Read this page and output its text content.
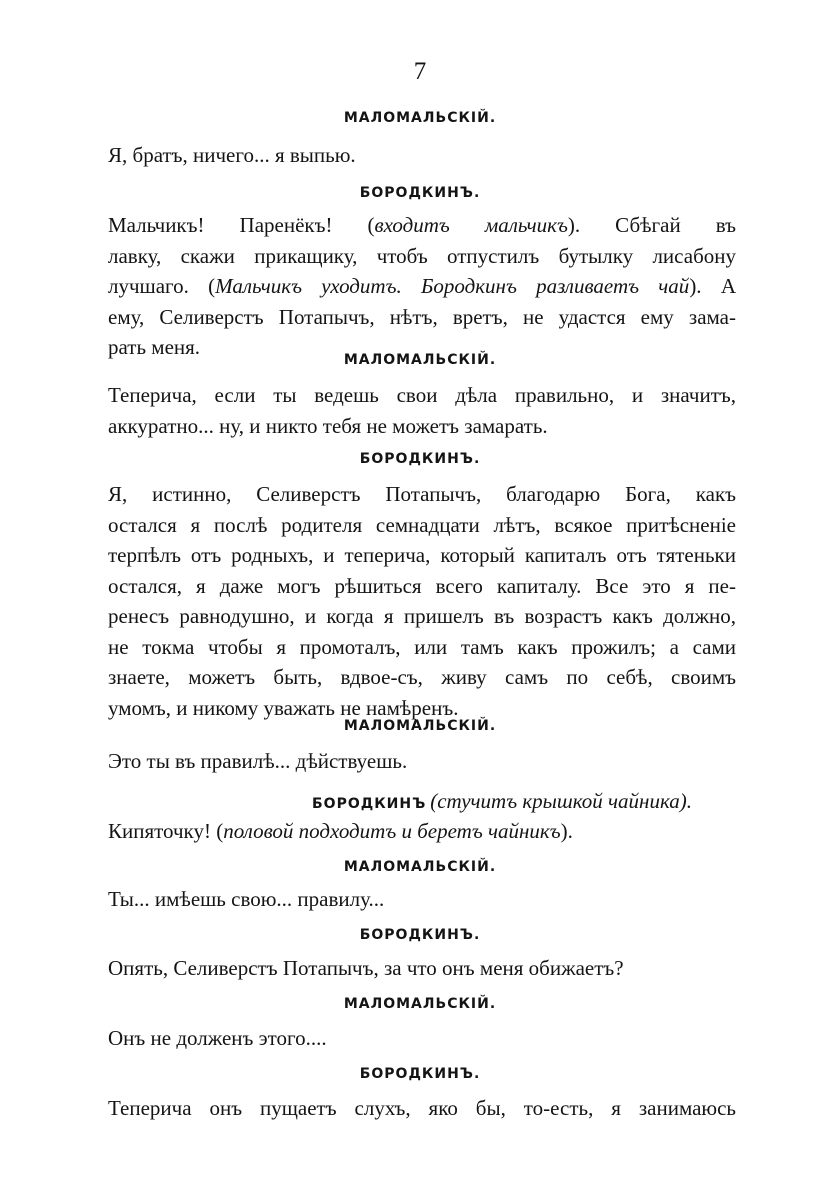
7
МАЛОМАЛЬСКІЙ.
Я, братъ, ничего... я выпью.
БОРОДКИНЪ.
Мальчикъ! Паренёкъ! (входитъ мальчикъ). Сбѣгай въ
лавку, скажи прикащику, чтобъ отпустилъ бутылку лисабону
лучшаго. (Мальчикъ уходитъ. Бородкинъ разливаетъ чай). А
ему, Селиверстъ Потапычъ, нѣтъ, вретъ, не удастся ему зама-
рать меня.
МАЛОМАЛЬСКІЙ.
Теперича, если ты ведешь свои дѣла правильно, и значитъ,
аккуратно... ну, и никто тебя не можетъ замарать.
БОРОДКИНЪ.
Я, истинно, Селиверстъ Потапычъ, благодарю Бога, какъ
остался я послѣ родителя семнадцати лѣтъ, всякое притѣсненіе
терпѣлъ отъ родныхъ, и теперича, который капиталъ отъ тятеньки
остался, я даже могъ рѣшиться всего капиталу. Все это я пе-
ренесъ равнодушно, и когда я пришелъ въ возрастъ какъ должно,
не токма чтобы я промоталъ, или тамъ какъ прожилъ; а сами
знаете, можетъ быть, вдвое-съ, живу самъ по себѣ, своимъ
умомъ, и никому уважать не намѣренъ.
МАЛОМАЛЬСКІЙ.
Это ты въ правилѣ... дѣйствуешь.
БОРОДКИНЪ (стучитъ крышкой чайника).
Кипяточку! (половой подходитъ и беретъ чайникъ).
МАЛОМАЛЬСКІЙ.
Ты... имѣешь свою... правилу...
БОРОДКИНЪ.
Опять, Селиверстъ Потапычъ, за что онъ меня обижаетъ?
МАЛОМАЛЬСКІЙ.
Онъ не долженъ этого....
БОРОДКИНЪ.
Теперича онъ пущаетъ слухъ, яко бы, то-есть, я занимаюсь
